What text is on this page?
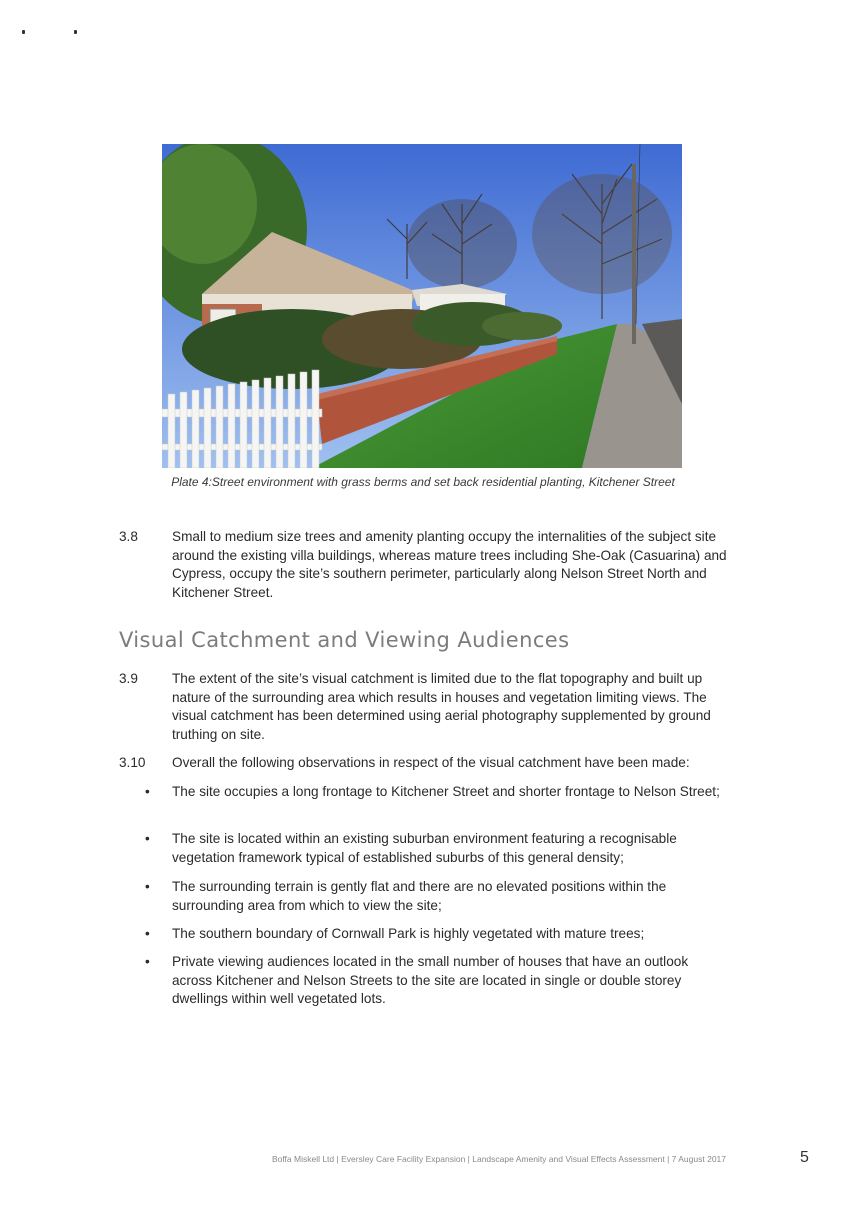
Plate 4:Street environment with grass berms and set back residential planting, Kitchener Street
3.8	Small to medium size trees and amenity planting occupy the internalities of the subject site around the existing villa buildings, whereas mature trees including She-Oak (Casuarina) and Cypress, occupy the site’s southern perimeter, particularly along Nelson Street North and Kitchener Street.
Visual Catchment and Viewing Audiences
3.9	The extent of the site’s visual catchment is limited due to the flat topography and built up nature of the surrounding area which results in houses and vegetation limiting views. The visual catchment has been determined using aerial photography supplemented by ground truthing on site.
3.10	Overall the following observations in respect of the visual catchment have been made:
• The site occupies a long frontage to Kitchener Street and shorter frontage to Nelson Street;
• The site is located within an existing suburban environment featuring a recognisable vegetation framework typical of established suburbs of this general density;
• The surrounding terrain is gently flat and there are no elevated positions within the surrounding area from which to view the site;
• The southern boundary of Cornwall Park is highly vegetated with mature trees;
• Private viewing audiences located in the small number of houses that have an outlook across Kitchener and Nelson Streets to the site are located in single or double storey dwellings within well vegetated lots.
Boffa Miskell Ltd | Eversley Care Facility Expansion | Landscape Amenity and Visual Effects Assessment | 7 August 2017	5
